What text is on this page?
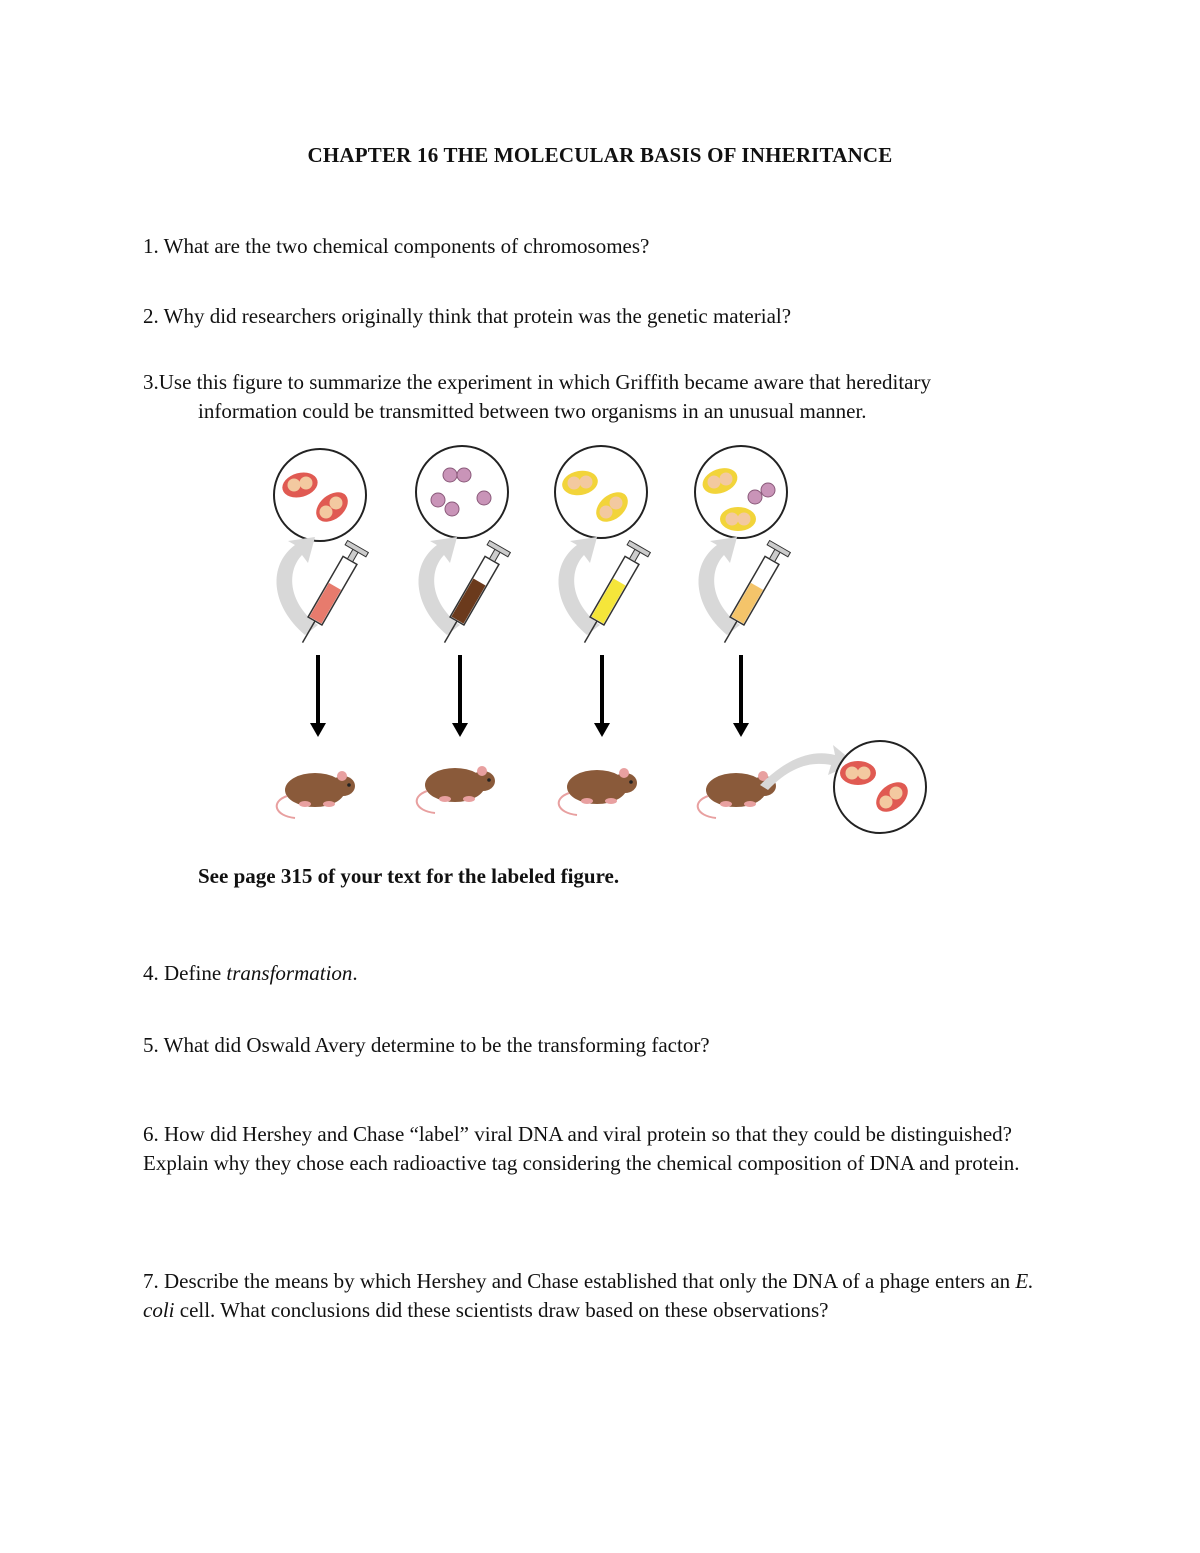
CHAPTER 16 THE MOLECULAR BASIS OF INHERITANCE
1. What are the two chemical components of chromosomes?
2. Why did researchers originally think that protein was the genetic material?
3.Use this figure to summarize the experiment in which Griffith became aware that hereditary
information could be transmitted between two organisms in an unusual manner.
See page 315 of your text for the labeled figure.
4. Define transformation.
5. What did Oswald Avery determine to be the transforming factor?
6. How did Hershey and Chase “label” viral DNA and viral protein so that they could be distinguished? Explain why they chose each radioactive tag considering the chemical composition of DNA and protein.
7. Describe the means by which Hershey and Chase established that only the DNA of a phage enters an E. coli cell. What conclusions did these scientists draw based on these observations?
